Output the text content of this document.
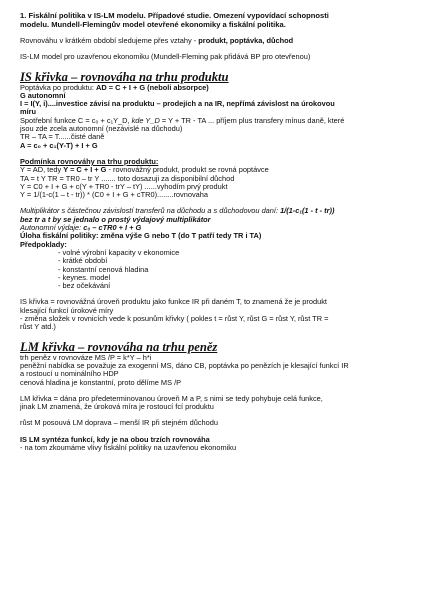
1. Fiskální politika v IS-LM modelu. Případové studie. Omezení vypovídací schopnosti

modelu. Mundell-Flemingův model otevřené ekonomiky a fiskální politika.

Rovnováhu v krátkém období sledujeme přes vztahy - produkt, poptávka, důchod

IS-LM model pro uzavřenou ekonomiku (Mundell-Fleming pak přidává BP pro otevřenou)

IS křivka – rovnováha na trhu produktu

Poptávka po produktu: AD = C + I + G (neboli absorpce)

G autonomní

I = I(Y, i)....investice závisí na produktu – prodejích a na IR, nepřímá závislost na úrokovou

míru

Spotřební funkce C = c₀ + c₁Y_D, kde Y_D = Y + TR - TA ... příjem plus transfery mínus daně, které

jsou zde zcela autonomní (nezávislé na důchodu)

TR – TA = T......čisté daně

A = c₀ + c₁(Y-T) + I + G

Podmínka rovnováhy na trhu produktu:

Y = AD, tedy Y = C + I + G - rovnovážný produkt, produkt se rovná poptávce

TA = t Y TR = TR0 – tr Y ....... toto dosazuji za disponibilní důchod

Y = C0 + I + G + c(Y + TR0 - trY – tY) ......vyhodím prvý produkt

Y = 1/(1-c(1 – t - tr)) * (C0 + I + G + cTR0)........rovnovaha

Multiplikátor s částečnou závislostí transferů na důchodu a s důchodovou daní: 1/(1-c₁(1 - t - tr))

bez tr a t by se jednalo o prostý výdajový multiplikátor

Autonomní výdaje: c₀ – cTR0 + I + G

Úloha fiskální politiky: změna výše G nebo T (do T patří tedy TR i TA)

Předpoklady:

- volné výrobní kapacity v ekonomice
- krátké období
- konstantní cenová hladina
- keynes. model
- bez očekávání

IS křivka = rovnovážná úroveň produktu jako funkce IR při daném T, to znamená že je produkt

klesající funkcí úrokové míry

- změna složek v rovnicích vede k posunům křivky ( pokles t = růst Y, růst G = růst Y, růst TR =

růst Y atd.)

LM křivka – rovnováha na trhu peněz

trh peněz v rovnováze MS /P = k*Y – h*i

peněžní nabídka se považuje za exogenní MS, dáno CB, poptávka po penězích je klesající funkcí IR

a rostoucí u nominálního HDP

cenová hladina je konstantní, proto dělíme MS /P

LM křivka = dána pro předeterminovanou úroveň M a P, s nimi se tedy pohybuje celá funkce,

jinak LM znamená, že úroková míra je rostoucí fcí produktu

růst M posouvá LM doprava – menší IR při stejném důchodu

IS LM syntéza funkcí, kdy je na obou trzích rovnováha

- na tom zkoumáme vlivy fiskální politiky na uzavřenou ekonomiku
